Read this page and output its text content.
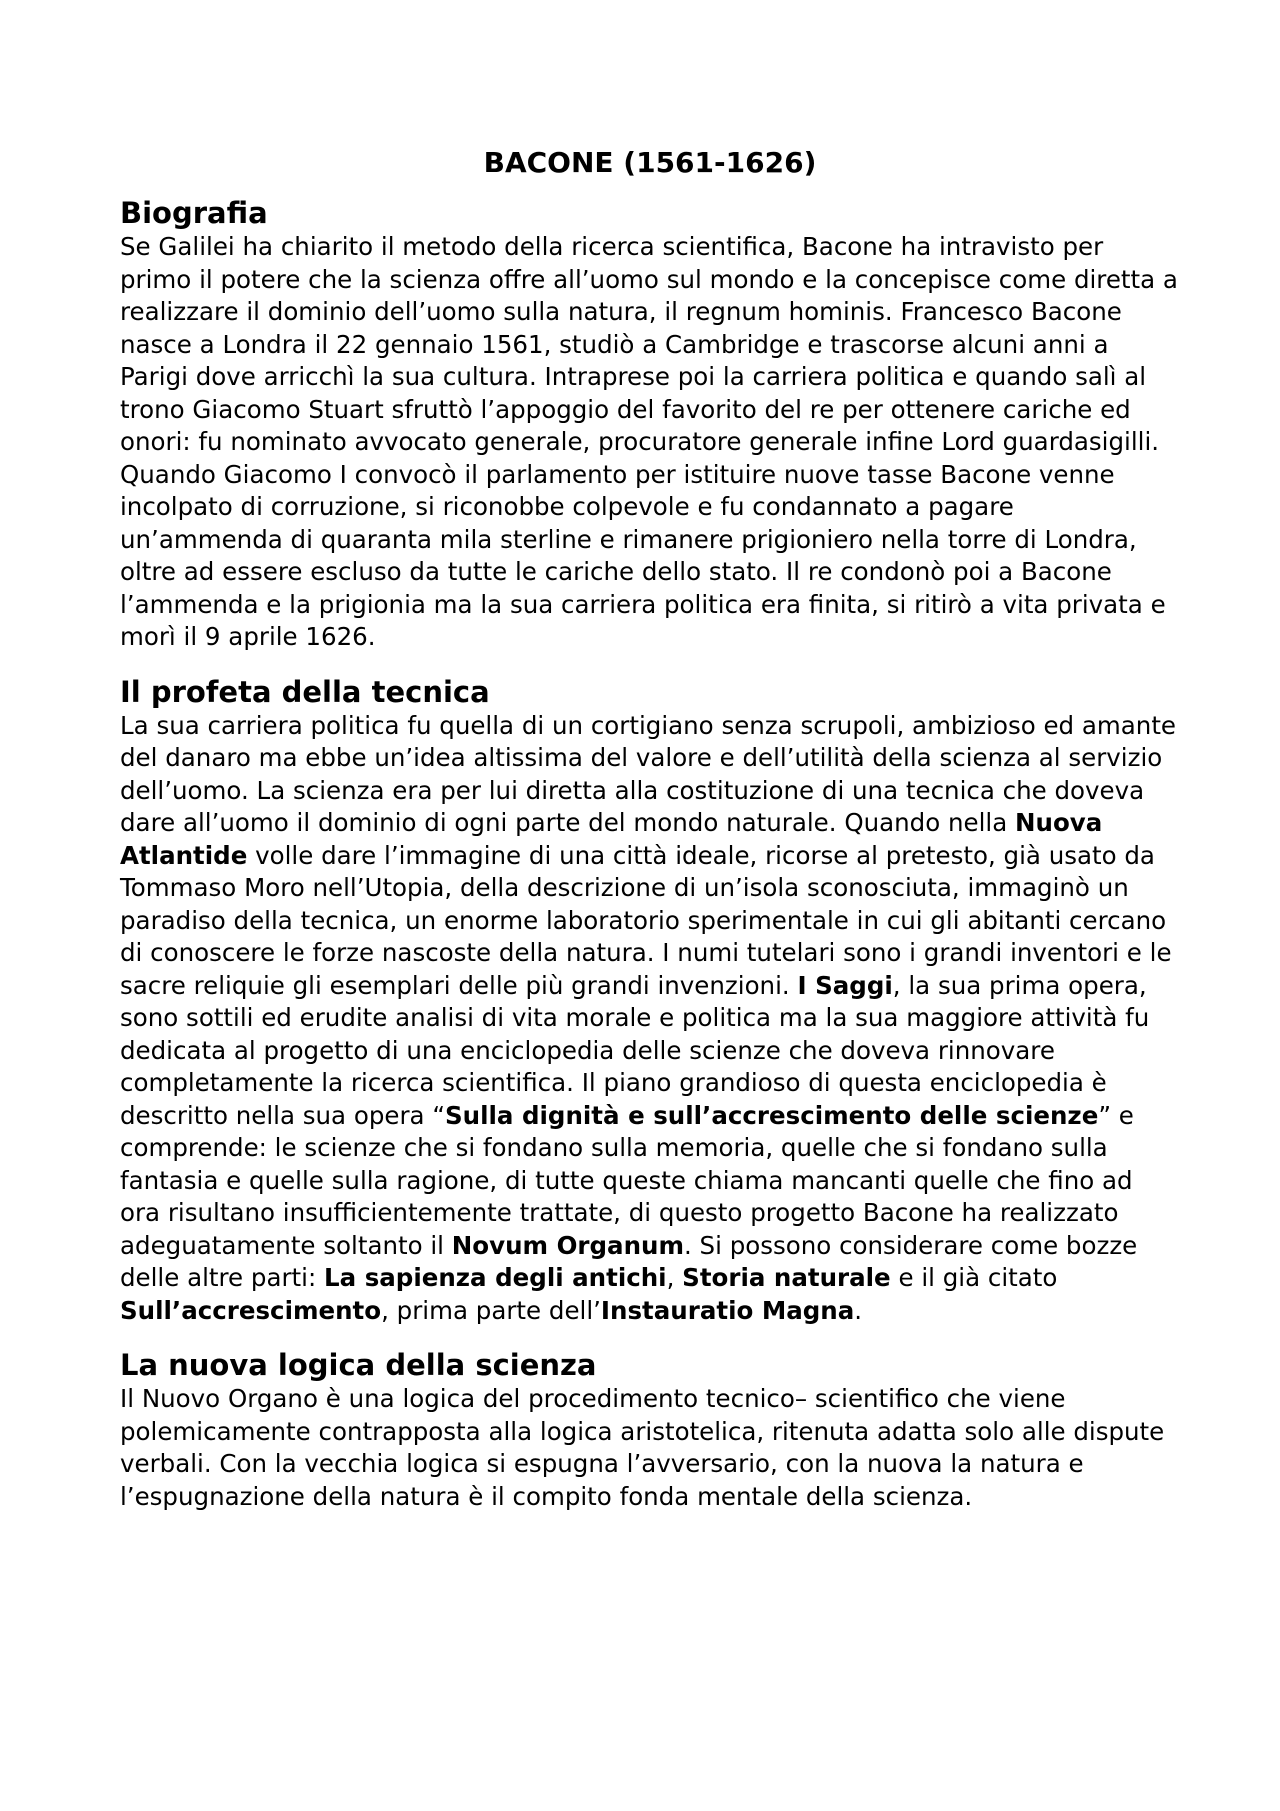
BACONE (1561-1626)
Biografia

Se Galilei ha chiarito il metodo della ricerca scientifica, Bacone ha intravisto per primo il potere che la scienza offre all’uomo sul mondo e la concepisce come diretta a realizzare il dominio dell’uomo sulla natura, il regnum hominis. Francesco Bacone nasce a Londra il 22 gennaio 1561, studiò a Cambridge e trascorse alcuni anni a Parigi dove arricchì la sua cultura. Intraprese poi la carriera politica e quando salì al trono Giacomo Stuart sfruttò l’appoggio del favorito del re per ottenere cariche ed onori: fu nominato avvocato generale, procuratore generale infine Lord guardasigilli. Quando Giacomo I convocò il parlamento per istituire nuove tasse Bacone venne incolpato di corruzione, si riconobbe colpevole e fu condannato a pagare un’ammenda di quaranta mila sterline e rimanere prigioniero nella torre di Londra, oltre ad essere escluso da tutte le cariche dello stato. Il re condonò poi a Bacone l’ammenda e la prigionia ma la sua carriera politica era finita, si ritirò a vita privata e morì il 9 aprile 1626.

Il profeta della tecnica

La sua carriera politica fu quella di un cortigiano senza scrupoli, ambizioso ed amante del danaro ma ebbe un’idea altissima del valore e dell’utilità della scienza al servizio dell’uomo. La scienza era per lui diretta alla costituzione di una tecnica che doveva dare all’uomo il dominio di ogni parte del mondo naturale. Quando nella Nuova Atlantide volle dare l’immagine di una città ideale, ricorse al pretesto, già usato da Tommaso Moro nell’Utopia, della descrizione di un’isola sconosciuta, immaginò un paradiso della tecnica, un enorme laboratorio sperimentale in cui gli abitanti cercano di conoscere le forze nascoste della natura. I numi tutelari sono i grandi inventori e le sacre reliquie gli esemplari delle più grandi invenzioni. I Saggi, la sua prima opera, sono sottili ed erudite analisi di vita morale e politica ma la sua maggiore attività fu dedicata al progetto di una enciclopedia delle scienze che doveva rinnovare completamente la ricerca scientifica. Il piano grandioso di questa enciclopedia è descritto nella sua opera “Sulla dignità e sull’accrescimento delle scienze” e comprende: le scienze che si fondano sulla memoria, quelle che si fondano sulla fantasia e quelle sulla ragione, di tutte queste chiama mancanti quelle che fino ad ora risultano insufficientemente trattate, di questo progetto Bacone ha realizzato adeguatamente soltanto il Novum Organum. Si possono considerare come bozze delle altre parti: La sapienza degli antichi, Storia naturale e il già citato Sull’accrescimento, prima parte dell’Instauratio Magna.

La nuova logica della scienza

Il Nuovo Organo è una logica del procedimento tecnico– scientifico che viene polemicamente contrapposta alla logica aristotelica, ritenuta adatta solo alle dispute verbali. Con la vecchia logica si espugna l’avversario, con la nuova la natura e l’espugnazione della natura è il compito fonda mentale della scienza.
